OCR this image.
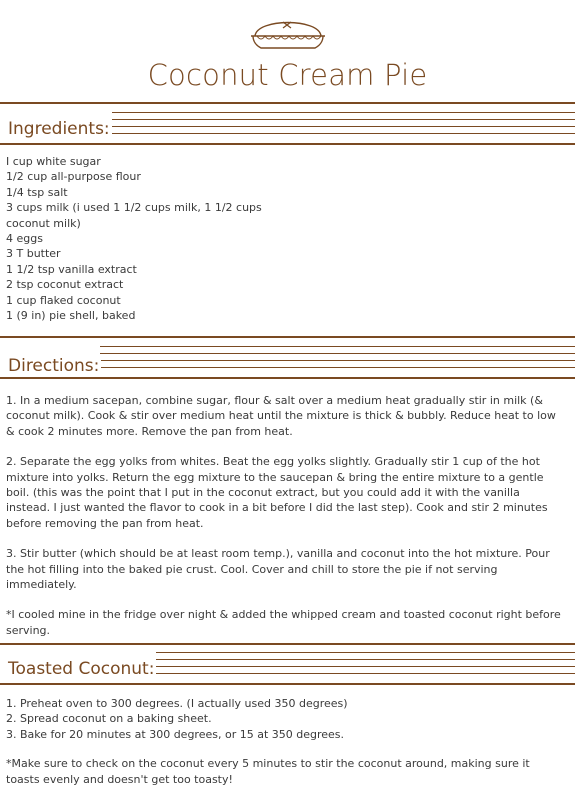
Coconut Cream Pie
Ingredients:
I cup white sugar
1/2 cup all-purpose flour
1/4 tsp salt
3 cups milk (i used 1 1/2 cups milk, 1 1/2 cups
coconut milk)
4 eggs
3 T butter
1 1/2 tsp vanilla extract
2 tsp coconut extract
1 cup flaked coconut
1 (9 in) pie shell, baked
Directions:

1. In a medium sacepan, combine sugar, flour & salt over a medium heat gradually stir in milk (& coconut milk). Cook & stir over medium heat until the mixture is thick & bubbly. Reduce heat to low & cook 2 minutes more. Remove the pan from heat.

2. Separate the egg yolks from whites. Beat the egg yolks slightly. Gradually stir 1 cup of the hot mixture into yolks. Return the egg mixture to the saucepan & bring the entire mixture to a gentle boil. (this was the point that I put in the coconut extract, but you could add it with the vanilla instead. I just wanted the flavor to cook in a bit before I did the last step). Cook and stir 2 minutes before removing the pan from heat.

3. Stir butter (which should be at least room temp.), vanilla and coconut into the hot mixture. Pour the hot filling into the baked pie crust. Cool. Cover and chill to store the pie if not serving immediately.

*I cooled mine in the fridge over night & added the whipped cream and toasted coconut right before serving.

Toasted Coconut:

1. Preheat oven to 300 degrees. (I actually used 350 degrees)

2. Spread coconut on a baking sheet.

3. Bake for 20 minutes at 300 degrees, or 15 at 350 degrees.

*Make sure to check on the coconut every 5 minutes to stir the coconut around, making sure it toasts evenly and doesn't get too toasty!
